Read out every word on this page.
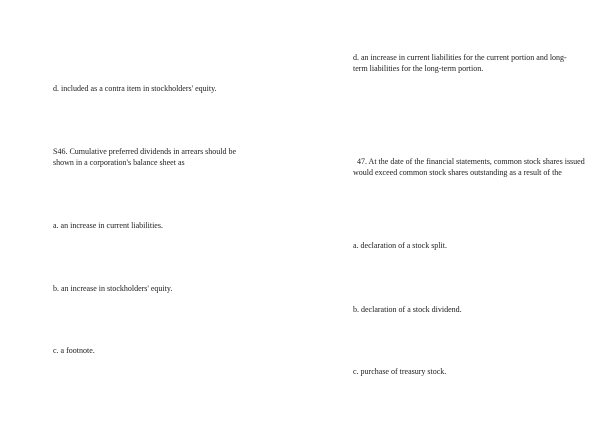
d. included as a contra item in stockholders' equity.

S46. Cumulative preferred dividends in arrears should be shown in a corporation's balance sheet as

a. an increase in current liabilities.

b. an increase in stockholders' equity.

c. a footnote.

d. an increase in current liabilities for the current portion and long-term liabilities for the long-term portion.

47. At the date of the financial statements, common stock shares issued would exceed common stock shares outstanding as a result of the

a. declaration of a stock split.

b. declaration of a stock dividend.

c. purchase of treasury stock.
